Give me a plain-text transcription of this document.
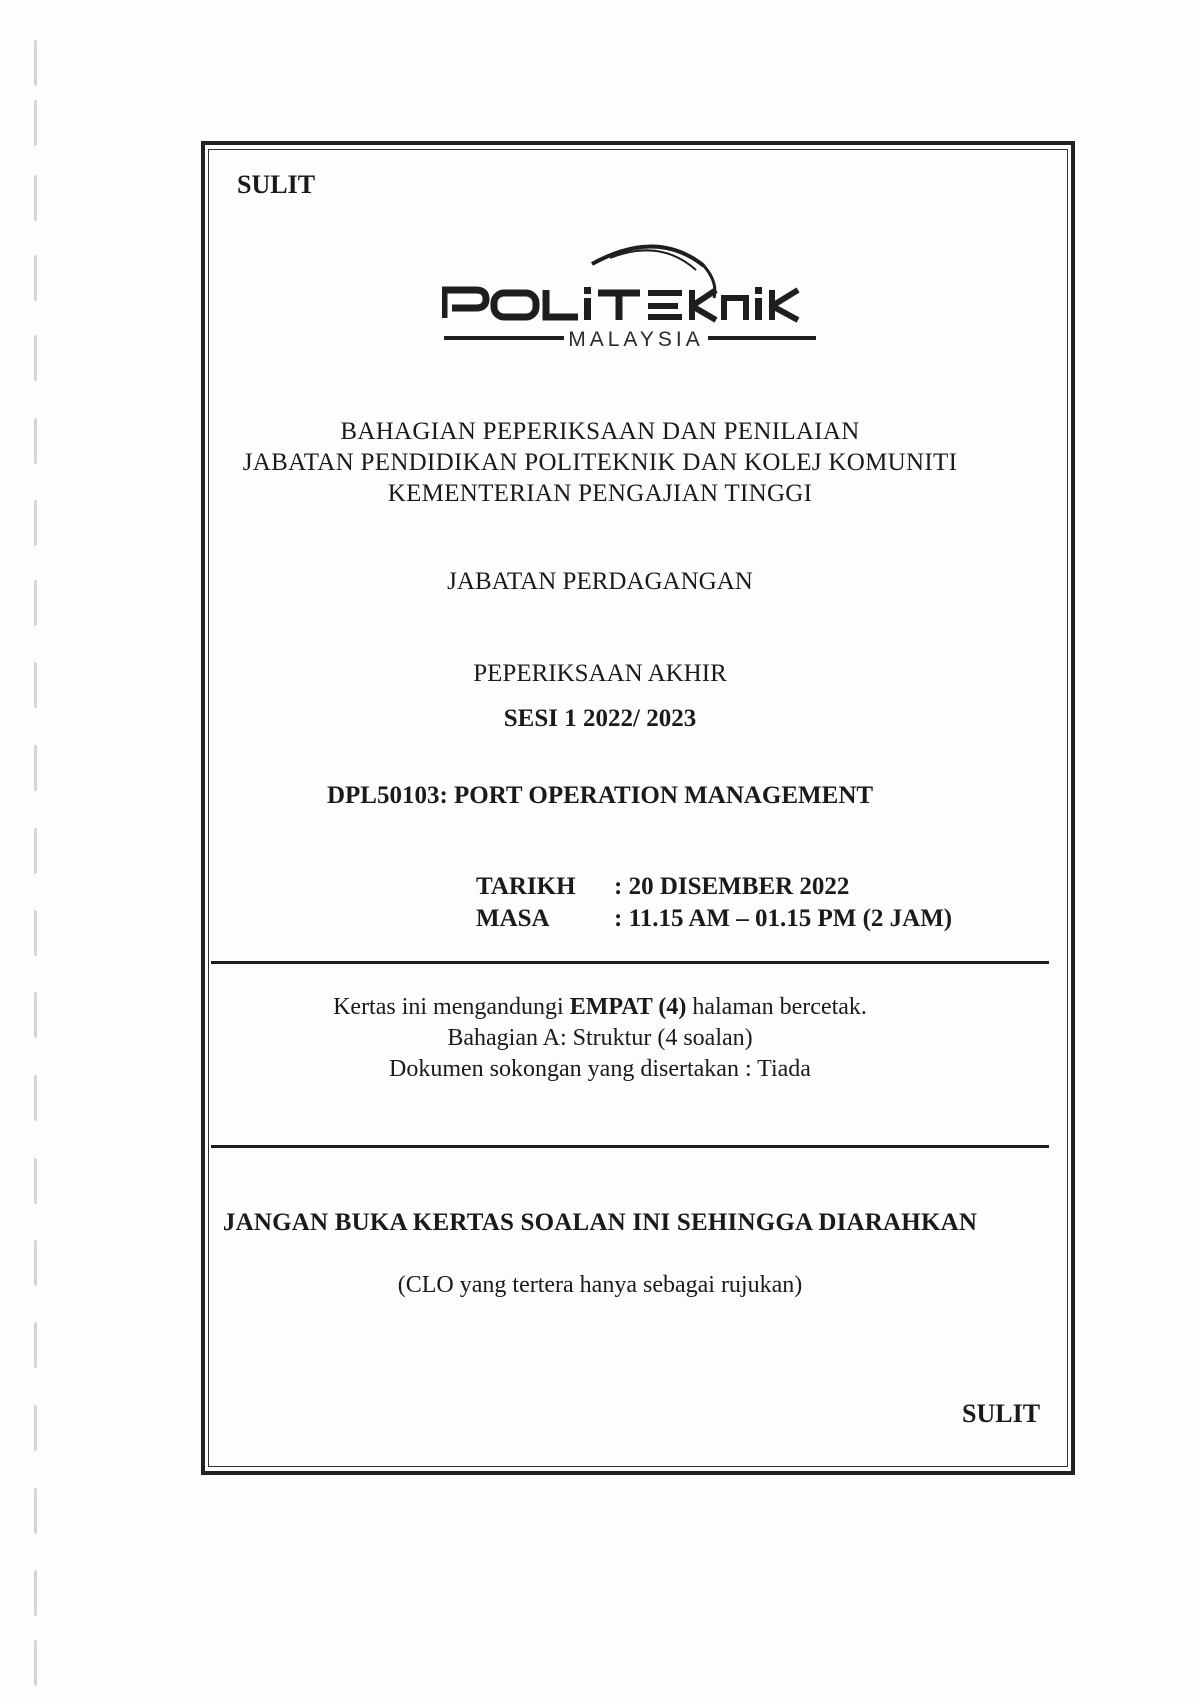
SULIT
MALAYSIA
BAHAGIAN PEPERIKSAAN DAN PENILAIAN
JABATAN PENDIDIKAN POLITEKNIK DAN KOLEJ KOMUNITI
KEMENTERIAN PENGAJIAN TINGGI
JABATAN PERDAGANGAN
PEPERIKSAAN AKHIR
SESI 1 2022/ 2023
DPL50103: PORT OPERATION MANAGEMENT
TARIKH : 20 DISEMBER 2022
MASA	: 11.15 AM – 01.15 PM (2 JAM)
Kertas ini mengandungi EMPAT (4) halaman bercetak.
Bahagian A: Struktur (4 soalan)
Dokumen sokongan yang disertakan : Tiada
JANGAN BUKA KERTAS SOALAN INI SEHINGGA DIARAHKAN
(CLO yang tertera hanya sebagai rujukan)
SULIT
